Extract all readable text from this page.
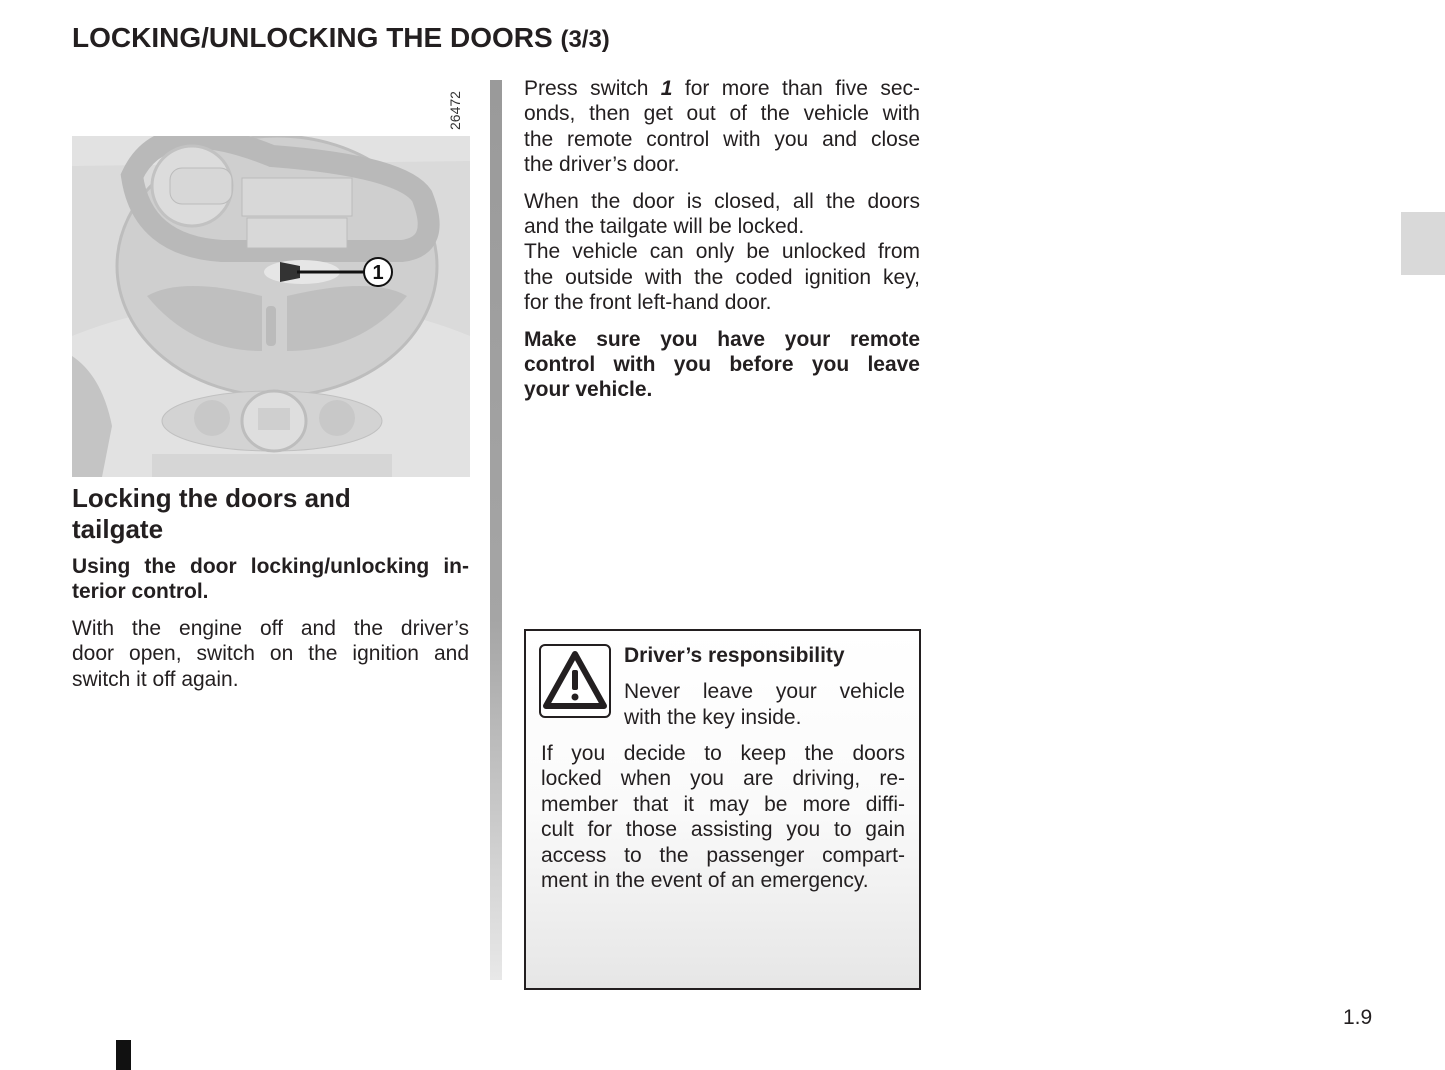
LOCKING/UNLOCKING THE DOORS (3/3)
26472
1
Locking the doors and tailgate
Using the door locking/unlocking in-
terior control.
With the engine off and the driver’s
door open, switch on the ignition and
switch it off again.
Press switch 1 for more than five sec-
onds, then get out of the vehicle with
the remote control with you and close
the driver’s door.
When the door is closed, all the doors
and the tailgate will be locked.
The vehicle can only be unlocked from
the outside with the coded ignition key,
for the front left-hand door.
Make sure you have your remote
control with you before you leave
your vehicle.
Driver’s responsibility
Never leave your vehicle
with the key inside.
If you decide to keep the doors
locked when you are driving, re-
member that it may be more diffi-
cult for those assisting you to gain
access to the passenger compart-
ment in the event of an emergency.
1.9
